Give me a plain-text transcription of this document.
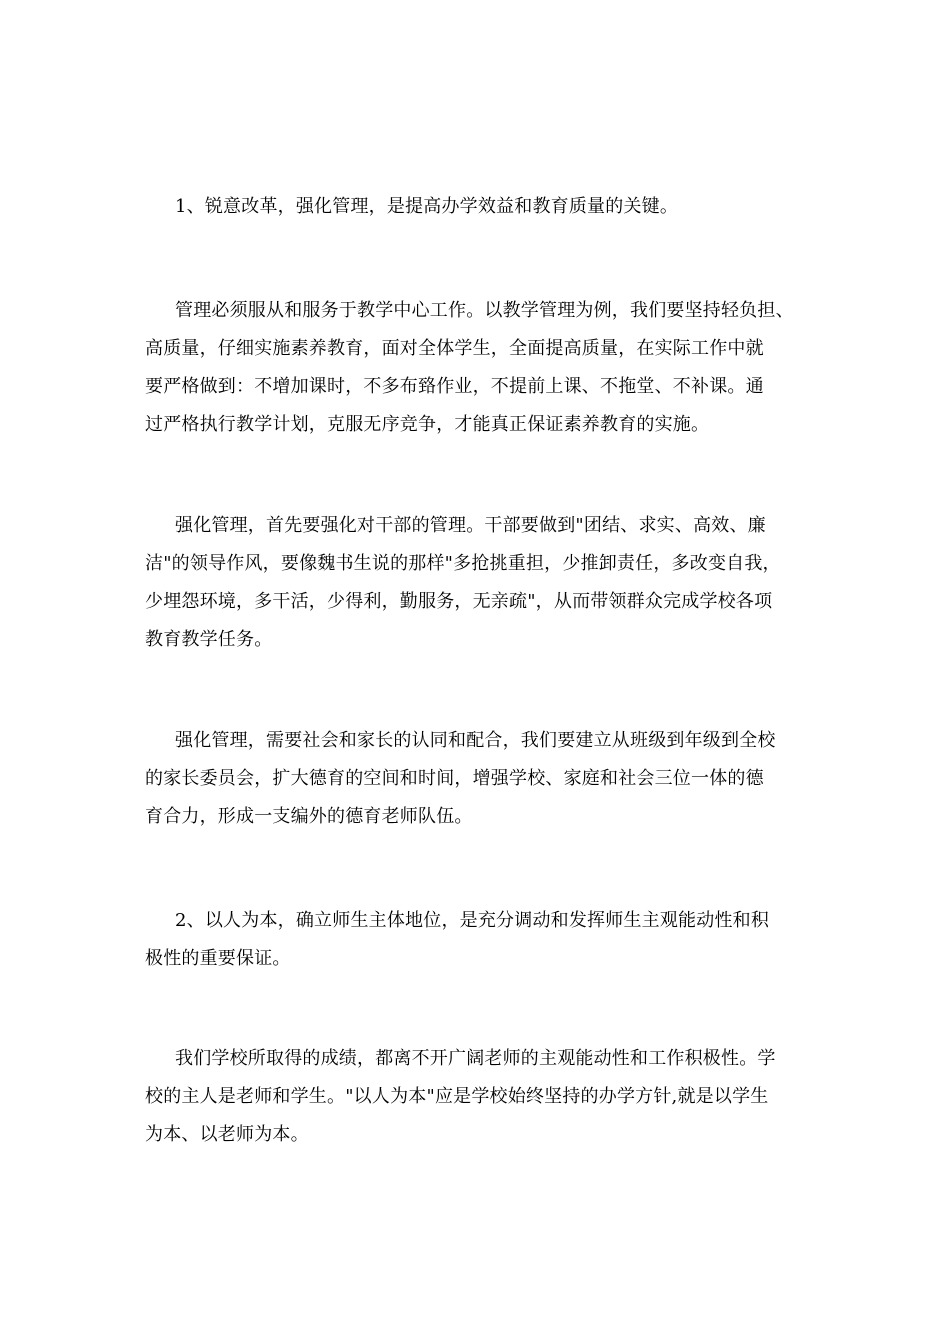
1、锐意改革，强化管理，是提高办学效益和教育质量的关键。

管理必须服从和服务于教学中心工作。以教学管理为例，我们要坚持轻负担、
高质量，仔细实施素养教育，面对全体学生，全面提高质量，在实际工作中就
要严格做到：不增加课时，不多布臵作业，不提前上课、不拖堂、不补课。通
过严格执行教学计划，克服无序竞争，才能真正保证素养教育的实施。

强化管理，首先要强化对干部的管理。干部要做到"团结、求实、高效、廉
洁"的领导作风，要像魏书生说的那样"多抢挑重担，少推卸责任，多改变自我，
少埋怨环境，多干活，少得利，勤服务，无亲疏"，从而带领群众完成学校各项
教育教学任务。

强化管理，需要社会和家长的认同和配合，我们要建立从班级到年级到全校
的家长委员会，扩大德育的空间和时间，增强学校、家庭和社会三位一体的德
育合力，形成一支编外的德育老师队伍。

2、以人为本，确立师生主体地位，是充分调动和发挥师生主观能动性和积
极性的重要保证。

我们学校所取得的成绩，都离不开广阔老师的主观能动性和工作积极性。学
校的主人是老师和学生。"以人为本"应是学校始终坚持的办学方针,就是以学生
为本、以老师为本。
